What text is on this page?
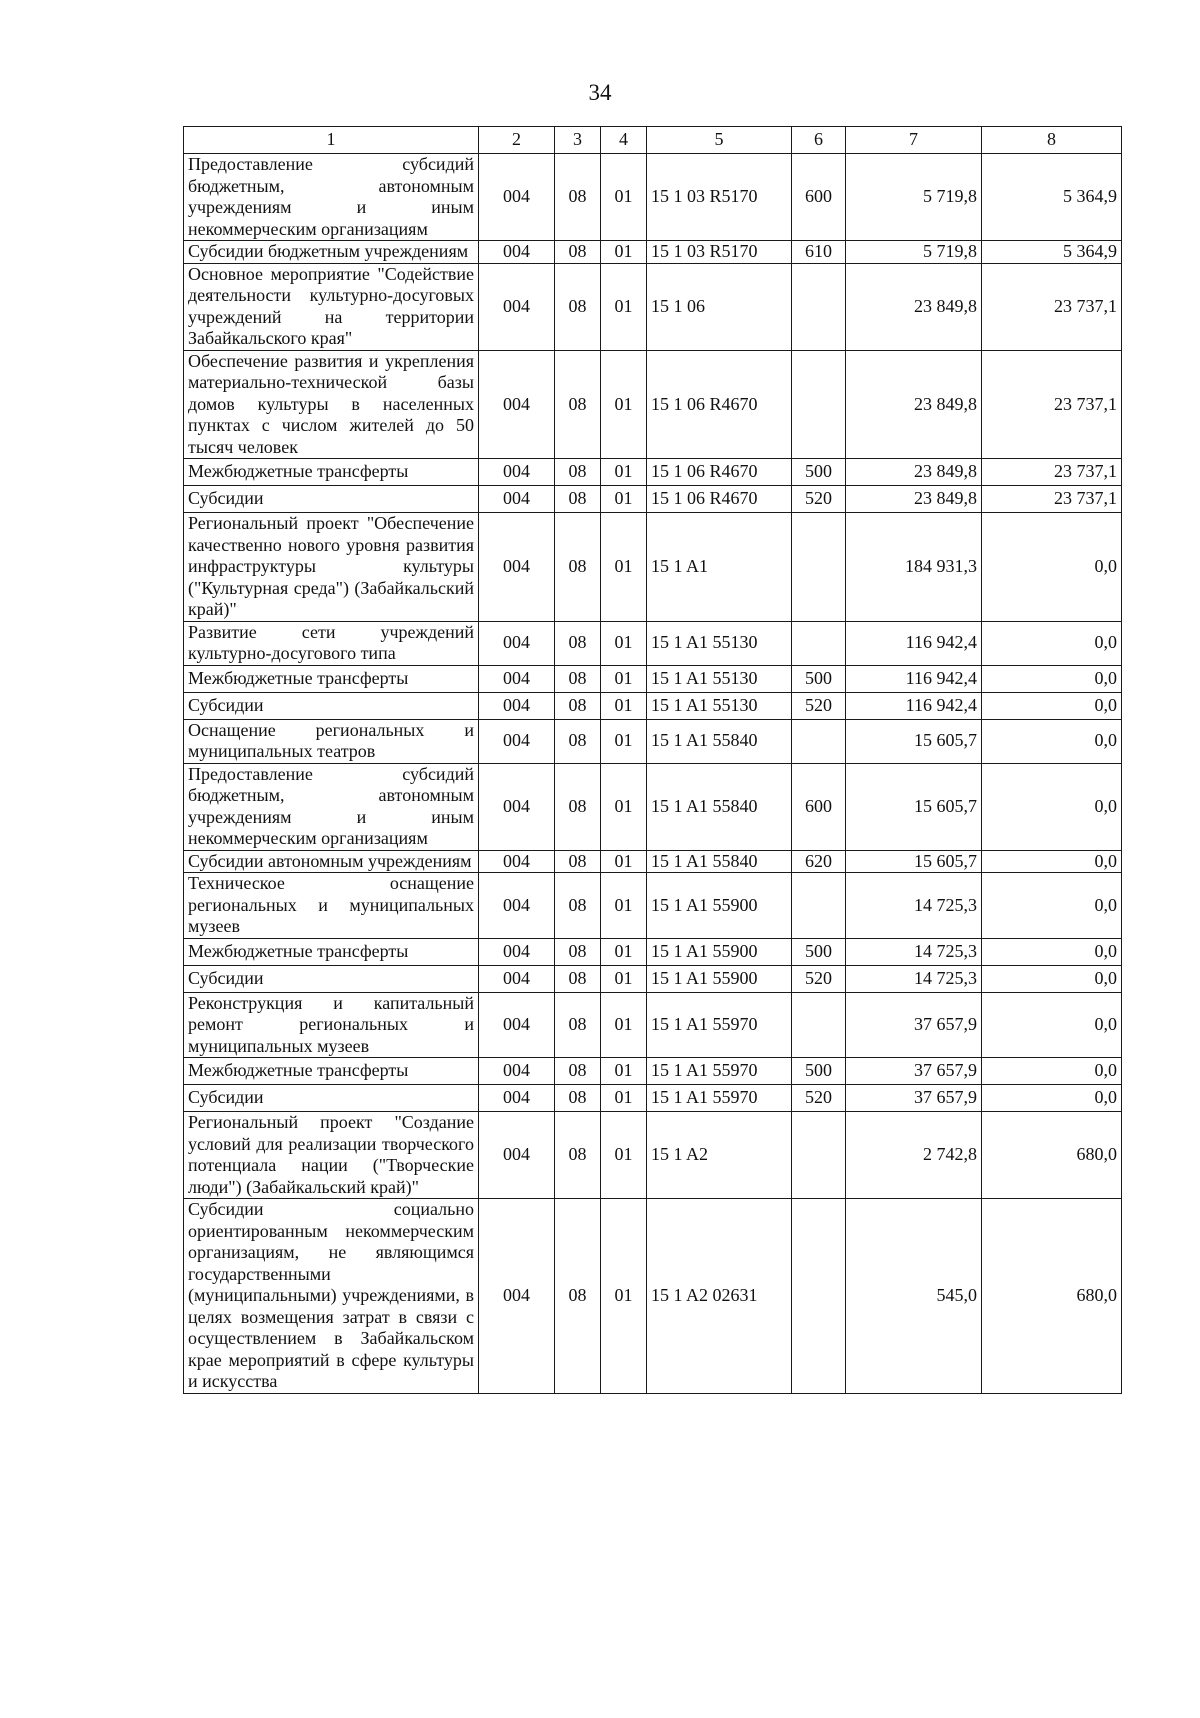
34
1	2	3	4	5	6	7	8
Предоставление субсидий бюджетным, автономным учреждениям и иным некоммерческим организациям	004	08	01	15 1 03 R5170	600	5 719,8	5 364,9
Субсидии бюджетным учреждениям	004	08	01	15 1 03 R5170	610	5 719,8	5 364,9
Основное мероприятие "Содействие деятельности культурно-досуговых учреждений на территории Забайкальского края"	004	08	01	15 1 06		23 849,8	23 737,1
Обеспечение развития и укрепления материально-технической базы домов культуры в населенных пунктах с числом жителей до 50 тысяч человек	004	08	01	15 1 06 R4670		23 849,8	23 737,1
Межбюджетные трансферты	004	08	01	15 1 06 R4670	500	23 849,8	23 737,1
Субсидии	004	08	01	15 1 06 R4670	520	23 849,8	23 737,1
Региональный проект "Обеспечение качественно нового уровня развития инфраструктуры культуры ("Культурная среда") (Забайкальский край)"	004	08	01	15 1 A1		184 931,3	0,0
Развитие сети учреждений культурно-досугового типа	004	08	01	15 1 A1 55130		116 942,4	0,0
Межбюджетные трансферты	004	08	01	15 1 A1 55130	500	116 942,4	0,0
Субсидии	004	08	01	15 1 A1 55130	520	116 942,4	0,0
Оснащение региональных и муниципальных театров	004	08	01	15 1 A1 55840		15 605,7	0,0
Предоставление субсидий бюджетным, автономным учреждениям и иным некоммерческим организациям	004	08	01	15 1 A1 55840	600	15 605,7	0,0
Субсидии автономным учреждениям	004	08	01	15 1 A1 55840	620	15 605,7	0,0
Техническое оснащение региональных и муниципальных музеев	004	08	01	15 1 A1 55900		14 725,3	0,0
Межбюджетные трансферты	004	08	01	15 1 A1 55900	500	14 725,3	0,0
Субсидии	004	08	01	15 1 A1 55900	520	14 725,3	0,0
Реконструкция и капитальный ремонт региональных и муниципальных музеев	004	08	01	15 1 A1 55970		37 657,9	0,0
Межбюджетные трансферты	004	08	01	15 1 A1 55970	500	37 657,9	0,0
Субсидии	004	08	01	15 1 A1 55970	520	37 657,9	0,0
Региональный проект "Создание условий для реализации творческого потенциала нации ("Творческие люди") (Забайкальский край)"	004	08	01	15 1 A2		2 742,8	680,0
Субсидии социально ориентированным некоммерческим организациям, не являющимся государственными (муниципальными) учреждениями, в целях возмещения затрат в связи с осуществлением в Забайкальском крае мероприятий в сфере культуры и искусства	004	08	01	15 1 A2 02631		545,0	680,0
